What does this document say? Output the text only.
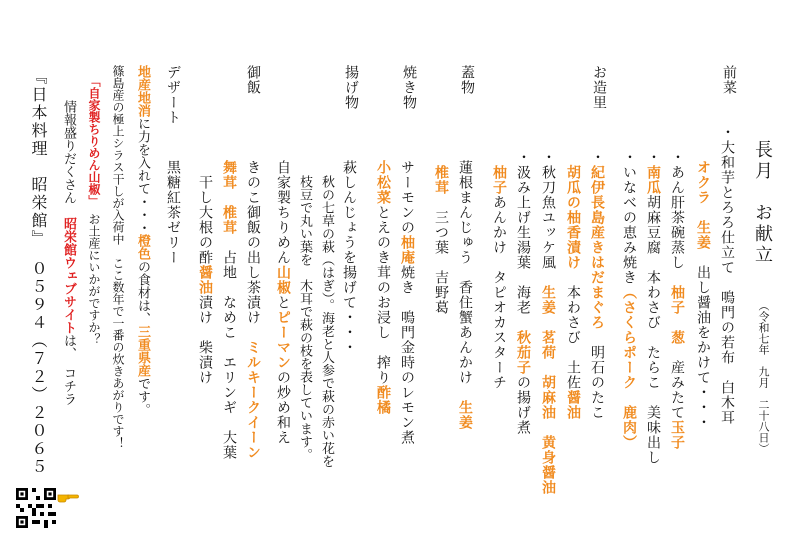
長月　お献立
（令和七年　九月　二十八日）
前菜
・大和芋とろろ仕立て　鳴門の若布　白木耳
オクラ　生姜　出し醤油をかけて・・・
・あん肝茶碗蒸し　柚子　葱　産みたて玉子
・南瓜胡麻豆腐　本わさび　たらこ　美味出し
・いなべの恵み焼き（さくらポーク　鹿肉）
お造里
・紀伊長島産きはだまぐろ　明石のたこ
胡瓜の柚香漬け　本わさび　土佐醤油
・秋刀魚ユッケ風　生姜　茗荷　胡麻油　黄身醤油
・汲み上げ生湯葉　海老　秋茄子の揚げ煮
柚子あんかけ　タピオカスターチ
蓋物
蓮根まんじゅう　香住蟹あんかけ　生姜
椎茸　三つ葉　吉野葛
焼き物
サーモンの柚庵焼き　鳴門金時のレモン煮
小松菜とえのき茸のお浸し　搾り酢橘
揚げ物
萩しんじょうを揚げて・・・
秋の七草の萩（はぎ）。海老と人参で萩の赤い花を
枝豆で丸い葉を　木耳で萩の枝を表しています。
自家製ちりめん山椒とピーマンの炒め和え
御飯
きのこ御飯の出し茶漬け　ミルキークイーン
舞茸　椎茸　占地　なめこ　エリンギ　大葉
干し大根の酢醤油漬け　柴漬け
デザート
黒糖紅茶ゼリー
地産地消に力を入れて・・・橙色の食材は、三重県産です。
篠島産の極上シラス干しが入荷中　ここ数年で一番の炊きあがりです！
「自家製ちりめん山椒」　お土産にいかがですか？
情報盛りだくさん　昭栄館ウェブサイトは、　コチラ
『日本料理　昭栄館』
０５９４（７２）２０６５
